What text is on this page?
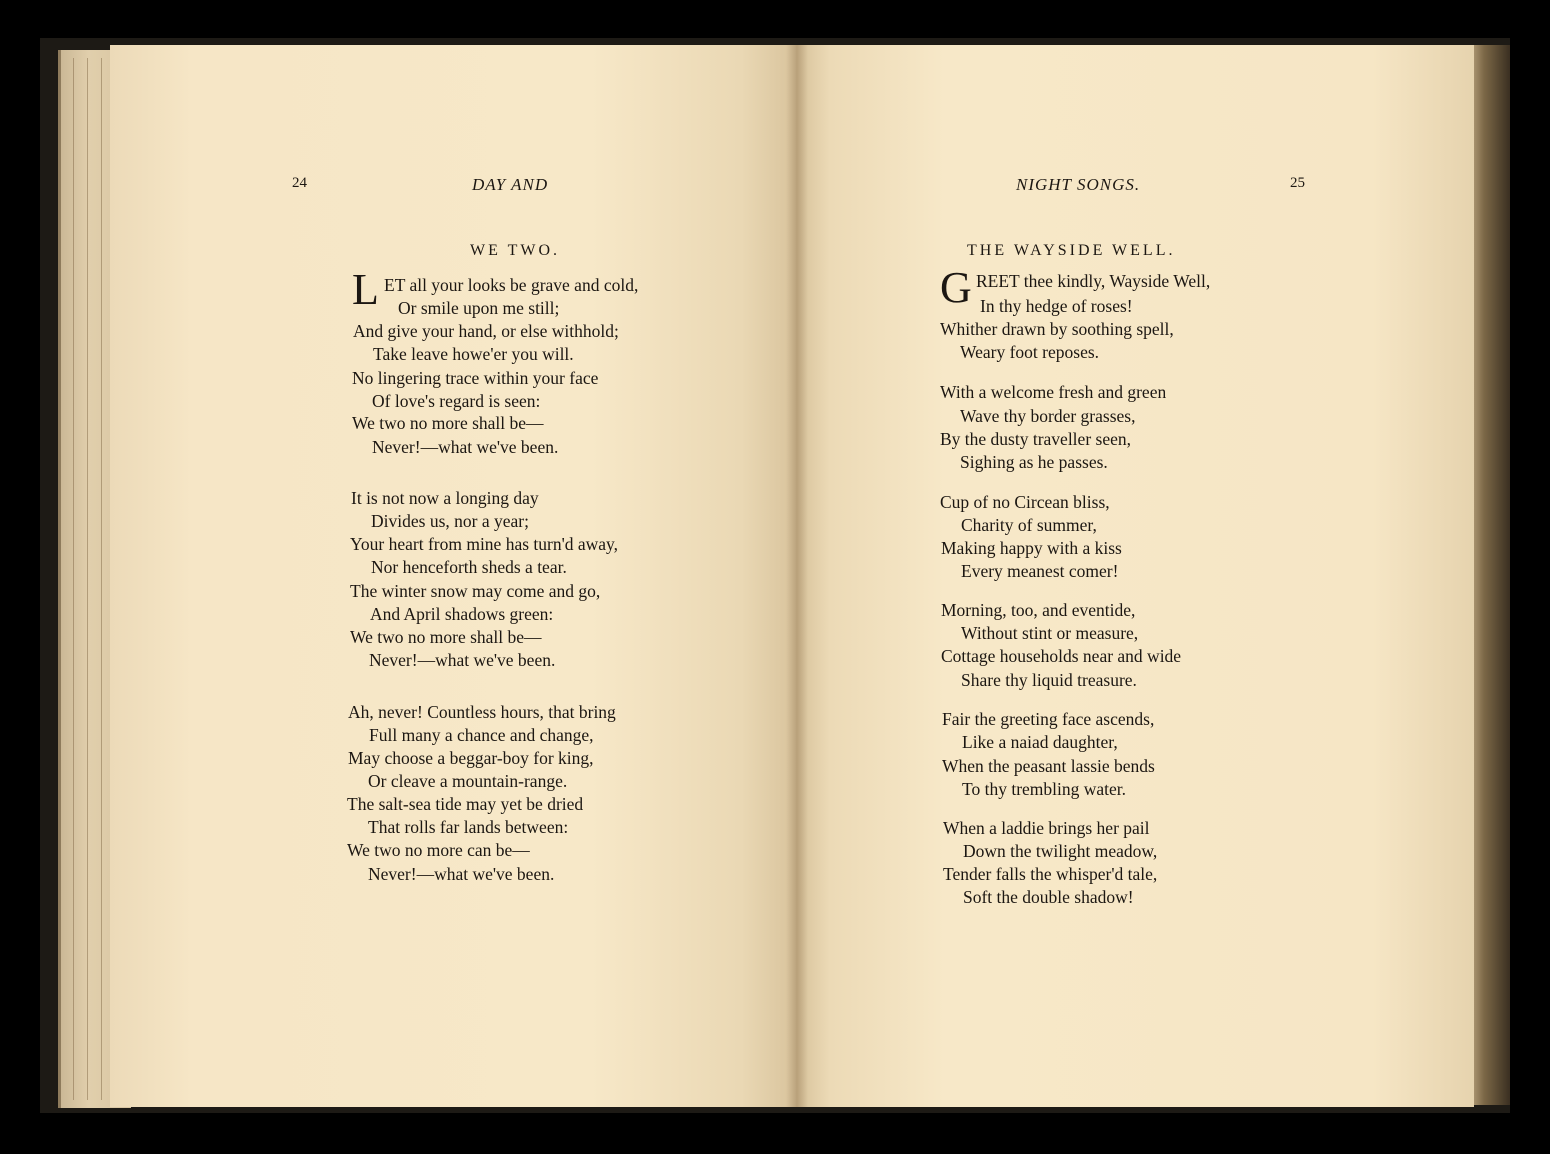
24	DAY AND
WE TWO.
L ET all your looks be grave and cold,
Or smile upon me still;
And give your hand, or else withhold;
Take leave howe'er you will.
No lingering trace within your face
Of love's regard is seen:
We two no more shall be—
Never!—what we've been.
It is not now a longing day
Divides us, nor a year;
Your heart from mine has turn'd away,
Nor henceforth sheds a tear.
The winter snow may come and go,
And April shadows green:
We two no more shall be—
Never!—what we've been.
Ah, never! Countless hours, that bring
Full many a chance and change,
May choose a beggar-boy for king,
Or cleave a mountain-range.
The salt-sea tide may yet be dried
That rolls far lands between:
We two no more can be—
Never!—what we've been.
NIGHT SONGS.	25
THE WAYSIDE WELL.
G REET thee kindly, Wayside Well,
In thy hedge of roses!
Whither drawn by soothing spell,
Weary foot reposes.
With a welcome fresh and green
Wave thy border grasses,
By the dusty traveller seen,
Sighing as he passes.
Cup of no Circean bliss,
Charity of summer,
Making happy with a kiss
Every meanest comer!
Morning, too, and eventide,
Without stint or measure,
Cottage households near and wide
Share thy liquid treasure.
Fair the greeting face ascends,
Like a naiad daughter,
When the peasant lassie bends
To thy trembling water.
When a laddie brings her pail
Down the twilight meadow,
Tender falls the whisper'd tale,
Soft the double shadow!
